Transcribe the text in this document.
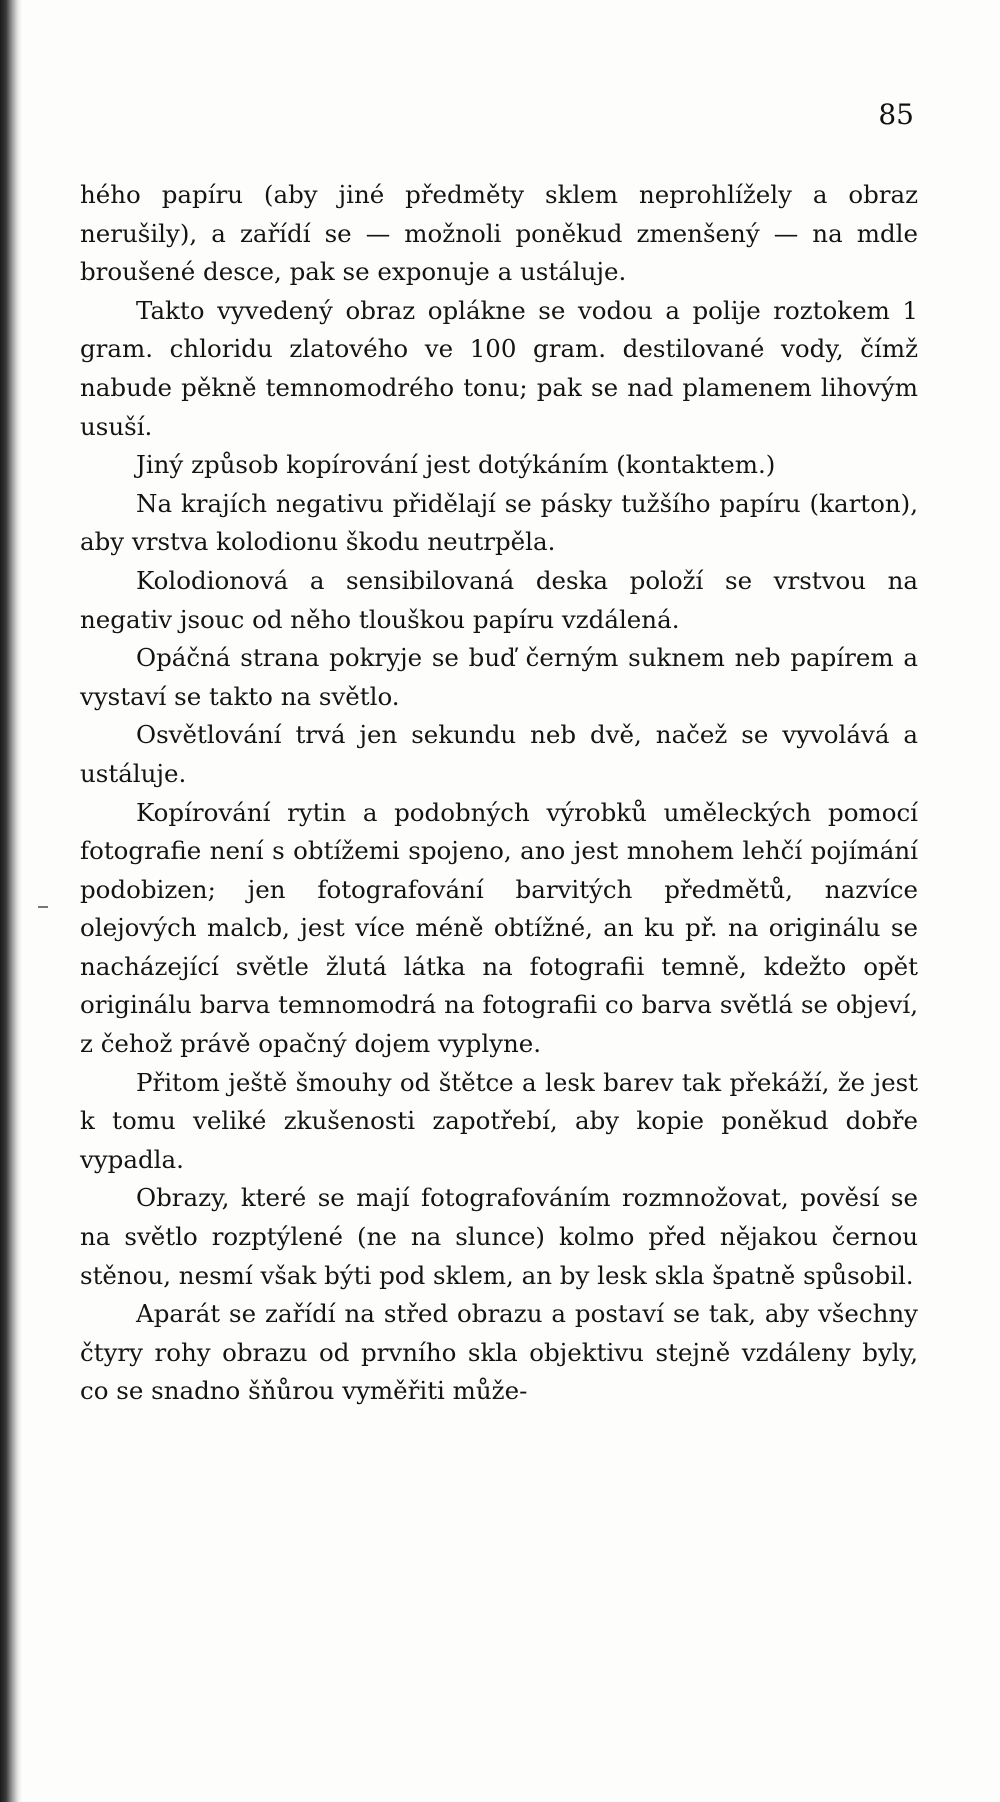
85

hého papíru (aby jiné předměty sklem neprohlížely a obraz nerušily), a zařídí se — možnoli poněkud zmenšený — na mdle broušené desce, pak se exponuje a ustáluje.

Takto vyvedený obraz oplákne se vodou a polije roztokem 1 gram. chloridu zlatového ve 100 gram. destilované vody, čímž nabude pěkně temnomodrého tonu; pak se nad plamenem lihovým usuší.

Jiný způsob kopírování jest dotýkáním (kontaktem.)

Na krajích negativu přidělají se pásky tužšího papíru (karton), aby vrstva kolodionu škodu neutrpěla.

Kolodionová a sensibilovaná deska položí se vrstvou na negativ jsouc od něho tlouškou papíru vzdálená.

Opáčná strana pokryje se buď černým suknem neb papírem a vystaví se takto na světlo.

Osvětlování trvá jen sekundu neb dvě, načež se vyvolává a ustáluje.

Kopírování rytin a podobných výrobků uměleckých pomocí fotografie není s obtížemi spojeno, ano jest mnohem lehčí pojímání podobizen; jen fotografování barvitých předmětů, nazvíce olejových malcb, jest více méně obtížné, an ku př. na originálu se nacházející světle žlutá látka na fotografii temně, kdežto opět originálu barva temnomodrá na fotografii co barva světlá se objeví, z čehož právě opačný dojem vyplyne.

Přitom ještě šmouhy od štětce a lesk barev tak překáží, že jest k tomu veliké zkušenosti zapotřebí, aby kopie poněkud dobře vypadla.

Obrazy, které se mají fotografováním rozmnožovat, pověsí se na světlo rozptýlené (ne na slunce) kolmo před nějakou černou stěnou, nesmí však býti pod sklem, an by lesk skla špatně spůsobil.

Aparát se zařídí na střed obrazu a postaví se tak, aby všechny čtyry rohy obrazu od prvního skla objektivu stejně vzdáleny byly, co se snadno šňůrou vyměřiti může-
